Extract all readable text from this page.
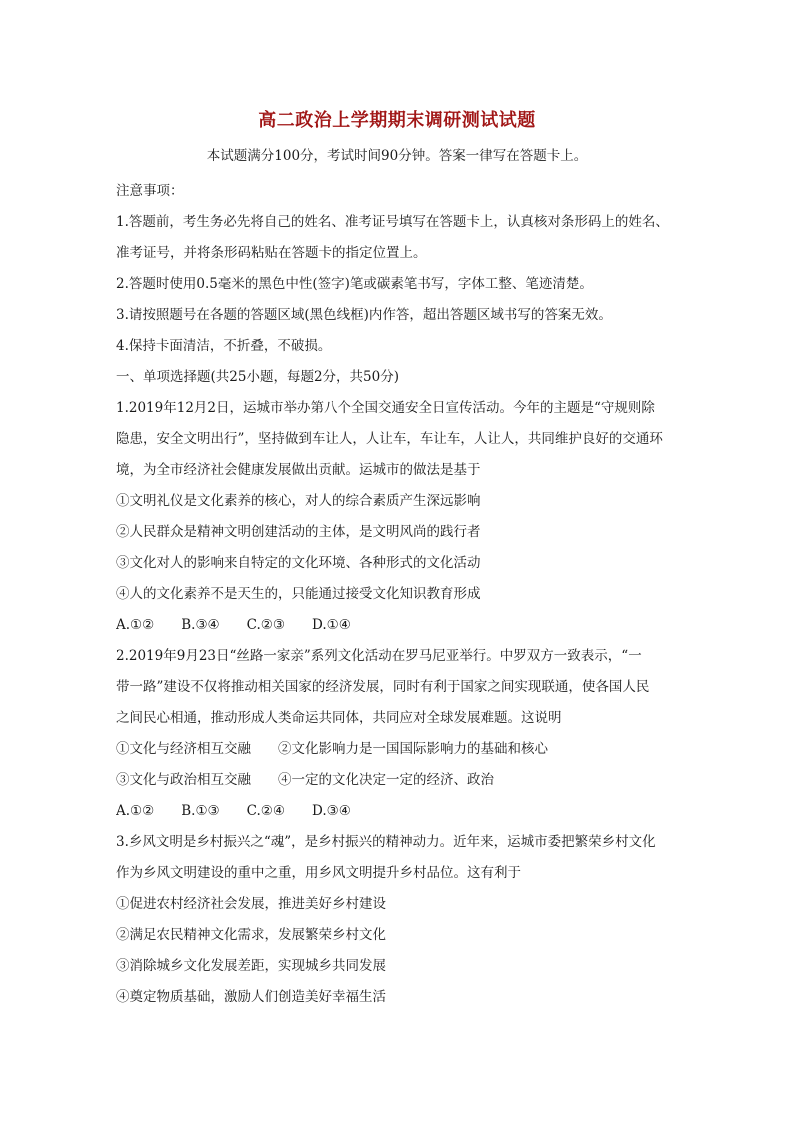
高二政治上学期期末调研测试试题
本试题满分100分，考试时间90分钟。答案一律写在答题卡上。
注意事项：
1.答题前，考生务必先将自己的姓名、准考证号填写在答题卡上，认真核对条形码上的姓名、
准考证号，并将条形码粘贴在答题卡的指定位置上。
2.答题时使用0.5毫米的黑色中性(签字)笔或碳素笔书写，字体工整、笔迹清楚。
3.请按照题号在各题的答题区域(黑色线框)内作答，超出答题区域书写的答案无效。
4.保持卡面清洁，不折叠，不破损。
一、单项选择题(共25小题，每题2分，共50分)
1.2019年12月2日，运城市举办第八个全国交通安全日宣传活动。今年的主题是“守规则除
隐患，安全文明出行”，坚持做到车让人，人让车，车让车，人让人，共同维护良好的交通环
境，为全市经济社会健康发展做出贡献。运城市的做法是基于
①文明礼仪是文化素养的核心，对人的综合素质产生深远影响
②人民群众是精神文明创建活动的主体，是文明风尚的践行者
③文化对人的影响来自特定的文化环境、各种形式的文化活动
④人的文化素养不是天生的，只能通过接受文化知识教育形成
A.①②　　B.③④　　C.②③　　D.①④
2.2019年9月23日“丝路一家亲”系列文化活动在罗马尼亚举行。中罗双方一致表示，“一
带一路”建设不仅将推动相关国家的经济发展，同时有利于国家之间实现联通，使各国人民
之间民心相通，推动形成人类命运共同体，共同应对全球发展难题。这说明
①文化与经济相互交融　　②文化影响力是一国国际影响力的基础和核心
③文化与政治相互交融　　④一定的文化决定一定的经济、政治
A.①②　　B.①③　　C.②④　　D.③④
3.乡风文明是乡村振兴之“魂”，是乡村振兴的精神动力。近年来，运城市委把繁荣乡村文化
作为乡风文明建设的重中之重，用乡风文明提升乡村品位。这有利于
①促进农村经济社会发展，推进美好乡村建设
②满足农民精神文化需求，发展繁荣乡村文化
③消除城乡文化发展差距，实现城乡共同发展
④奠定物质基础，激励人们创造美好幸福生活
